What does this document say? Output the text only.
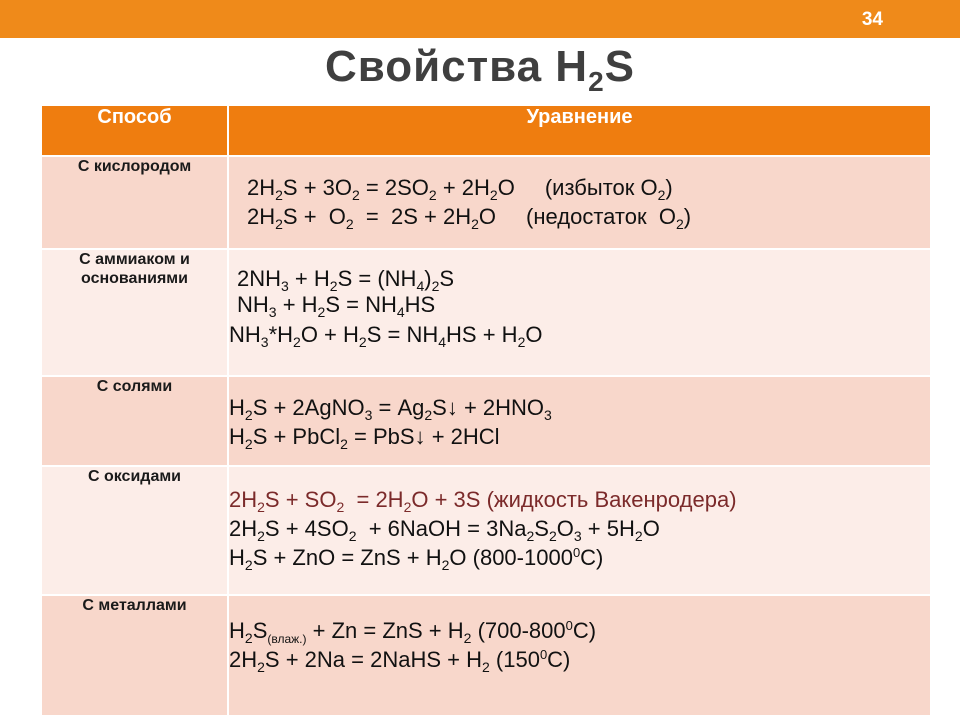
34
Свойства $H_2S$
Способ	Уравнение
С кислородом	$2H_2S + 3O_2 = 2SO_2 + 2H_2O$ (избыток $O_2$)
$2H_2S + O_2 = 2S + 2H_2O$ (недостаток  $O_2$)

С аммиаком и основаниями	$2NH_3 + H_2S = (NH_4)_2S$
$NH_3 + H_2S = NH_4HS$
$NH_3*H_2O + H_2S = NH_4HS + H_2O$

С солями	$H_2S$ + 2AgNO$_3$ = $Ag_2S↓ + 2HNO_3$
$H_2S$ + PbCl$_2$ = PbS↓ + 2HCl

С оксидами	$2H_2S + SO_2 = 2H_2O + 3S$ (жидкость Вакенродера)
$2H_2S + 4SO_2$  + 6NaOH = $3Na_2S_2O_3 + 5H_2O$
$H_2S$ + ZnO = ZnS + $H_2O$ (800-1000$^0$C)

С металлами	$H_2S_{(влаж.)} + Zn$ = ZnS + $H_2$ $(700-800^0C)$
$2H_2S + 2Na$ = 2NaHS + $H_2$ $(150^0C)$
